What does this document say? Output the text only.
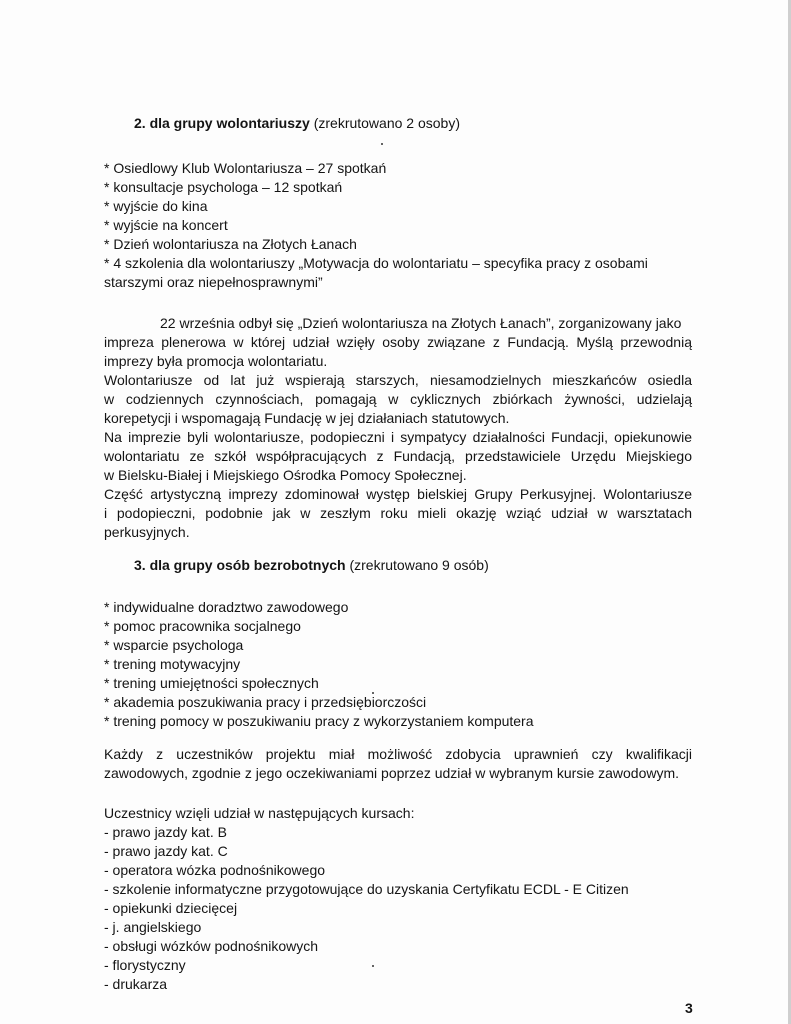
2. dla grupy wolontariuszy (zrekrutowano 2 osoby)
* Osiedlowy Klub Wolontariusza – 27 spotkań
* konsultacje psychologa – 12 spotkań
* wyjście do kina
* wyjście na koncert
* Dzień wolontariusza na Złotych Łanach
* 4 szkolenia dla wolontariuszy „Motywacja do wolontariatu – specyfika pracy z osobami
starszymi oraz niepełnosprawnymi”
22 września odbył się „Dzień wolontariusza na Złotych Łanach”, zorganizowany jako
impreza plenerowa w której udział wzięły osoby związane z Fundacją. Myślą przewodnią
imprezy była promocja wolontariatu.
Wolontariusze od lat już wspierają starszych, niesamodzielnych mieszkańców osiedla
w codziennych czynnościach, pomagają w cyklicznych zbiórkach żywności, udzielają
korepetycji i wspomagają Fundację w jej działaniach statutowych.
Na imprezie byli wolontariusze, podopieczni i sympatycy działalności Fundacji, opiekunowie
wolontariatu ze szkół współpracujących z Fundacją, przedstawiciele Urzędu Miejskiego
w Bielsku-Białej i Miejskiego Ośrodka Pomocy Społecznej.
Część artystyczną imprezy zdominował występ bielskiej Grupy Perkusyjnej. Wolontariusze
i podopieczni, podobnie jak w zeszłym roku mieli okazję wziąć udział w warsztatach
perkusyjnych.
3. dla grupy osób bezrobotnych (zrekrutowano 9 osób)
* indywidualne doradztwo zawodowego
* pomoc pracownika socjalnego
* wsparcie psychologa
* trening motywacyjny
* trening umiejętności społecznych
* akademia poszukiwania pracy i przedsiębiorczości
* trening pomocy w poszukiwaniu pracy z wykorzystaniem komputera
Każdy z uczestników projektu miał możliwość zdobycia uprawnień czy kwalifikacji
zawodowych, zgodnie z jego oczekiwaniami poprzez udział w wybranym kursie zawodowym.
Uczestnicy wzięli udział w następujących kursach:
- prawo jazdy kat. B
- prawo jazdy kat. C
- operatora wózka podnośnikowego
- szkolenie informatyczne przygotowujące do uzyskania Certyfikatu ECDL - E Citizen
- opiekunki dziecięcej
- j. angielskiego
- obsługi wózków podnośnikowych
- florystyczny
- drukarza
3
